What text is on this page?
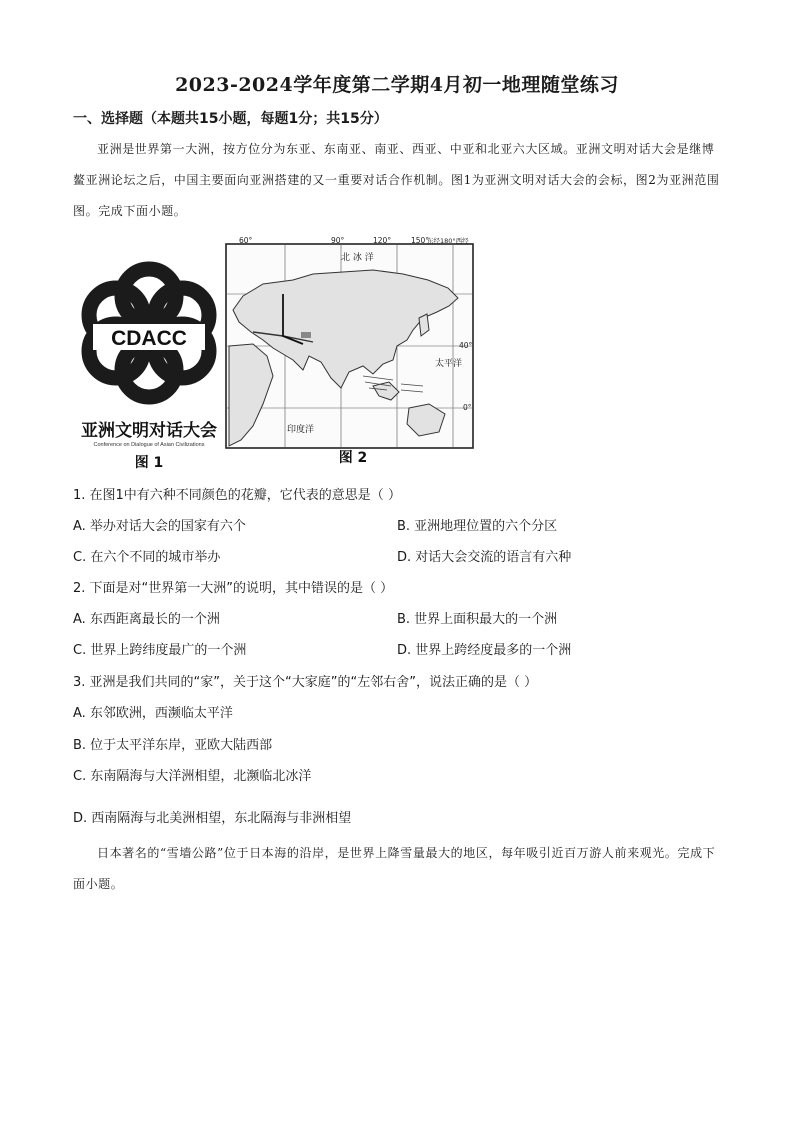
2023-2024学年度第二学期4月初一地理随堂练习
一、选择题（本题共15小题，每题1分；共15分）
亚洲是世界第一大洲，按方位分为东亚、东南亚、南亚、西亚、中亚和北亚六大区域。亚洲文明对话大会是继博鳌亚洲论坛之后，中国主要面向亚洲搭建的又一重要对话合作机制。图1为亚洲文明对话大会的会标，图2为亚洲范围图。完成下面小题。
CDACC
亚洲文明对话大会
Conference on Dialogue of Asian Civilizations
图 1
60°	90°	120°	150°
东经180°西经
40°
0°
北 冰 洋
太平洋
印度洋
图 2
1. 在图1中有六种不同颜色的花瓣，它代表的意思是（ ）
A. 举办对话大会的国家有六个	B. 亚洲地理位置的六个分区
C. 在六个不同的城市举办	D. 对话大会交流的语言有六种
2. 下面是对“世界第一大洲”的说明，其中错误的是（ ）
A. 东西距离最长的一个洲	B. 世界上面积最大的一个洲
C. 世界上跨纬度最广的一个洲	D. 世界上跨经度最多的一个洲
3. 亚洲是我们共同的“家”，关于这个“大家庭”的“左邻右舍”，说法正确的是（ ）
A. 东邻欧洲，西濒临太平洋
B. 位于太平洋东岸，亚欧大陆西部
C. 东南隔海与大洋洲相望，北濒临北冰洋
D. 西南隔海与北美洲相望，东北隔海与非洲相望
日本著名的“雪墙公路”位于日本海的沿岸，是世界上降雪量最大的地区，每年吸引近百万游人前来观光。完成下面小题。
